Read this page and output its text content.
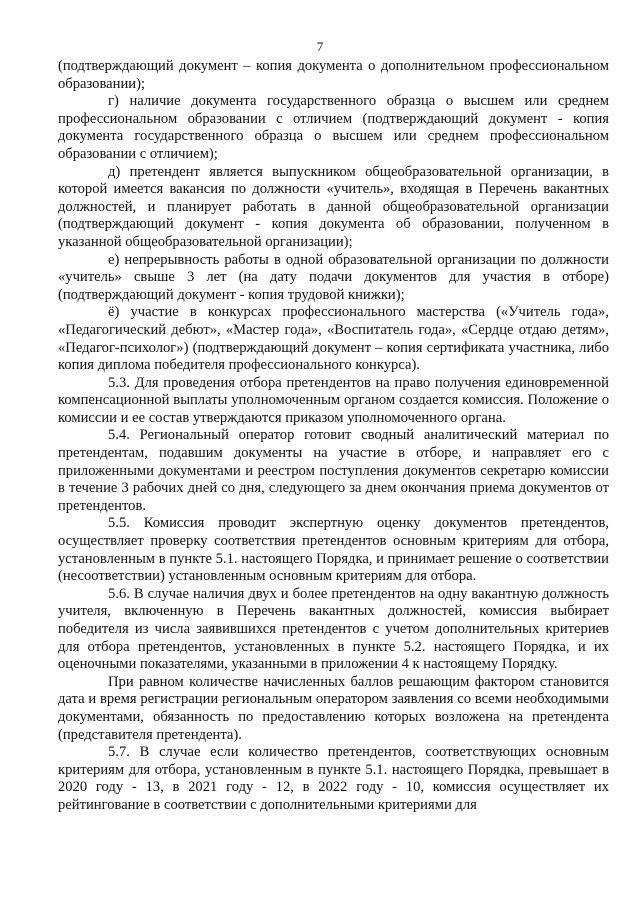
7

(подтверждающий документ – копия документа о дополнительном профессиональном образовании);

г) наличие документа государственного образца о высшем или среднем профессиональном образовании с отличием (подтверждающий документ - копия документа государственного образца о высшем или среднем профессиональном образовании с отличием);

д) претендент является выпускником общеобразовательной организации, в которой имеется вакансия по должности «учитель», входящая в Перечень вакантных должностей, и планирует работать в данной общеобразовательной организации (подтверждающий документ - копия документа об образовании, полученном в указанной общеобразовательной организации);

е) непрерывность работы в одной образовательной организации по должности «учитель» свыше 3 лет (на дату подачи документов для участия в отборе) (подтверждающий документ - копия трудовой книжки);

ё) участие в конкурсах профессионального мастерства («Учитель года», «Педагогический дебют», «Мастер года», «Воспитатель года», «Сердце отдаю детям», «Педагог-психолог») (подтверждающий документ – копия сертификата участника, либо копия диплома победителя профессионального конкурса).

5.3. Для проведения отбора претендентов на право получения единовременной компенсационной выплаты уполномоченным органом создается комиссия. Положение о комиссии и ее состав утверждаются приказом уполномоченного органа.

5.4. Региональный оператор готовит сводный аналитический материал по претендентам, подавшим документы на участие в отборе, и направляет его с приложенными документами и реестром поступления документов секретарю комиссии в течение 3 рабочих дней со дня, следующего за днем окончания приема документов от претендентов.

5.5. Комиссия проводит экспертную оценку документов претендентов, осуществляет проверку соответствия претендентов основным критериям для отбора, установленным в пункте 5.1. настоящего Порядка, и принимает решение о соответствии (несоответствии) установленным основным критериям для отбора.

5.6. В случае наличия двух и более претендентов на одну вакантную должность учителя, включенную в Перечень вакантных должностей, комиссия выбирает победителя из числа заявившихся претендентов с учетом дополнительных критериев для отбора претендентов, установленных в пункте 5.2. настоящего Порядка, и их оценочными показателями, указанными в приложении 4 к настоящему Порядку.

При равном количестве начисленных баллов решающим фактором становится дата и время регистрации региональным оператором заявления со всеми необходимыми документами, обязанность по предоставлению которых возложена на претендента (представителя претендента).

5.7. В случае если количество претендентов, соответствующих основным критериям для отбора, установленным в пункте 5.1. настоящего Порядка, превышает в 2020 году - 13, в 2021 году - 12, в 2022 году - 10, комиссия осуществляет их рейтингование в соответствии с дополнительными критериями для
